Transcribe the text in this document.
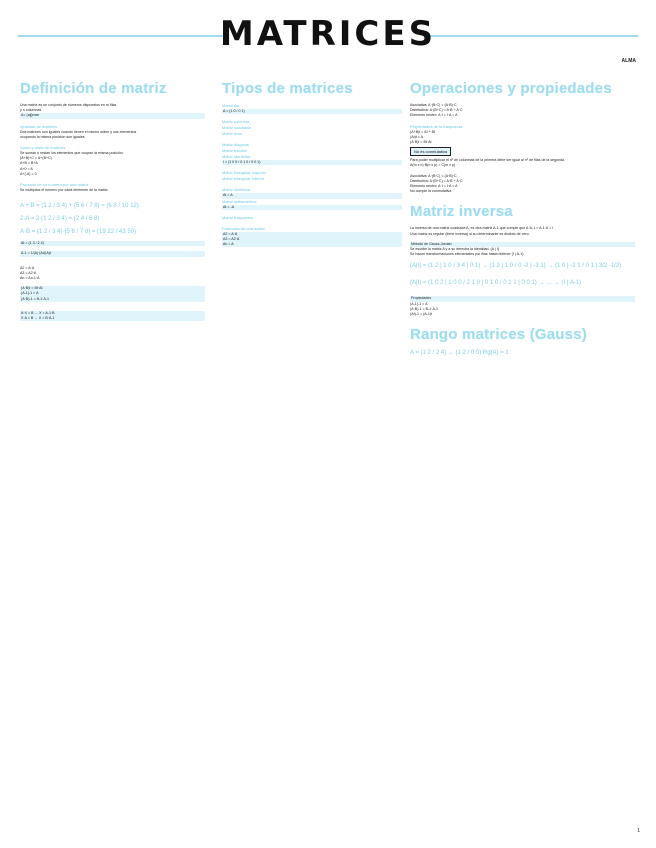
MATRICES
ALMA
Definición de matriz
Una matriz es un conjunto de números dispuestos en m filas
y n columnas.
A= (aij)mxn
Igualdad de matrices
Dos matrices son iguales cuando tienen el mismo orden y sus elementos
ocupando la misma posición son iguales.
Suma y resta de matrices
Se suman o restan los elementos que ocupan la misma posición.
(A+B)+C = A+(B+C)
A+B = B+A
A+0 = A
A+(-A) = 0
Producto de un número por una matriz
Se multiplica el número por cada elemento de la matriz.
A + B = (1 2 / 3 4) + (5 6 / 7 8) = (6 8 / 10 12)
2·A = 2·(1 2 / 3 4) = (2 4 / 6 8)
A·B = (1 2 / 3 4)·(5 6 / 7 8) = (19 22 / 43 50)
At = (1 3 / 2 4)
A-1 = 1/|A|·(Adj A)t
A2 = A·A
A3 = A2·A
An = An-1·A
(A·B)t = Bt·At
(A-1)-1 = A
(A·B)-1 = B-1·A-1
A·X = B → X = A-1·B
X·A = B → X = B·A-1
Tipos de matrices
Matriz fila
A = (1 0 / 0 1)
Matriz columna
Matriz cuadrada
Matriz nula
Matriz diagonal
Matriz escalar
Matriz identidad
I = (1 0 0 / 0 1 0 / 0 0 1)
Matriz triangular superior
Matriz triangular inferior
Matriz simétrica
At = A
Matriz antisimétrica
At = -A
Matriz traspuesta
Potencias de una matriz
A2 = A·A
A3 = A2·A
An = A
Operaciones y propiedades
Asociativa: A·(B·C) = (A·B)·C
Distributiva: A·(B+C) = A·B + A·C
Elemento neutro: A·I = I·A = A
Propiedades de la traspuesta
(A+B)t = At + Bt
(At)t = A
(A·B)t = Bt·At
No es conmutativa
Para poder multiplicar el nº de columnas de la primera debe ser igual al nº de filas de la segunda.
A(m x n)·B(n x p) = C(m x p)
Asociativa: A·(B·C) = (A·B)·C
Distributiva: A·(B+C) = A·B + A·C
Elemento neutro: A·I = I·A = A
No cumple la conmutativa
Matriz inversa
La inversa de una matriz cuadrada A, es otra matriz A-1 que cumple que A·A-1 = A-1·A = I
Una matriz es regular (tiene inversa) si su determinante es distinto de cero.
Método de Gauss-Jordan
Se escribe la matriz A y a su derecha la identidad, (A | I)
Se hacen transformaciones elementales por filas hasta obtener (I | A-1)
(A|I) = (1 2 | 1 0 / 3 4 | 0 1) → (1 2 | 1 0 / 0 -2 | -3 1) → (1 0 | -2 1 / 0 1 | 3/2 -1/2)
(A|I) = (1 0 2 | 1 0 0 / 2 1 0 | 0 1 0 / 0 1 1 | 0 0 1) → … → (I | A-1)
Propiedades
(A-1)-1 = A
(A·B)-1 = B-1·A-1
(At)-1 = (A-1)t
Rango matrices (Gauss)
A = (1 2 / 2 4) → (1 2 / 0 0) Rg(A) = 1
1
